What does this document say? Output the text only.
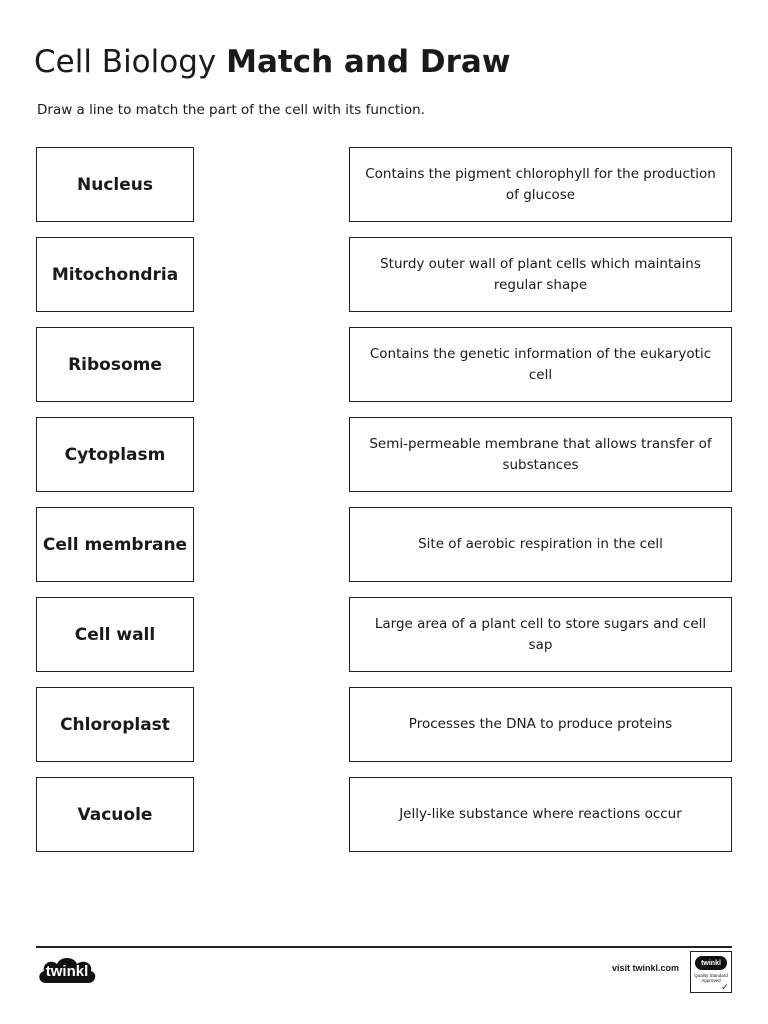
Cell Biology Match and Draw
Draw a line to match the part of the cell with its function.
Nucleus
Mitochondria
Ribosome
Cytoplasm
Cell membrane
Cell wall
Chloroplast
Vacuole
Contains the pigment chlorophyll for the production of glucose
Sturdy outer wall of plant cells which maintains regular shape
Contains the genetic information of the eukaryotic cell
Semi-permeable membrane that allows transfer of substances
Site of aerobic respiration in the cell
Large area of a plant cell to store sugars and cell sap
Processes the DNA to produce proteins
Jelly-like substance where reactions occur
twinkl	visit twinkl.com	twinkl
Quality Standard Approved
✓
